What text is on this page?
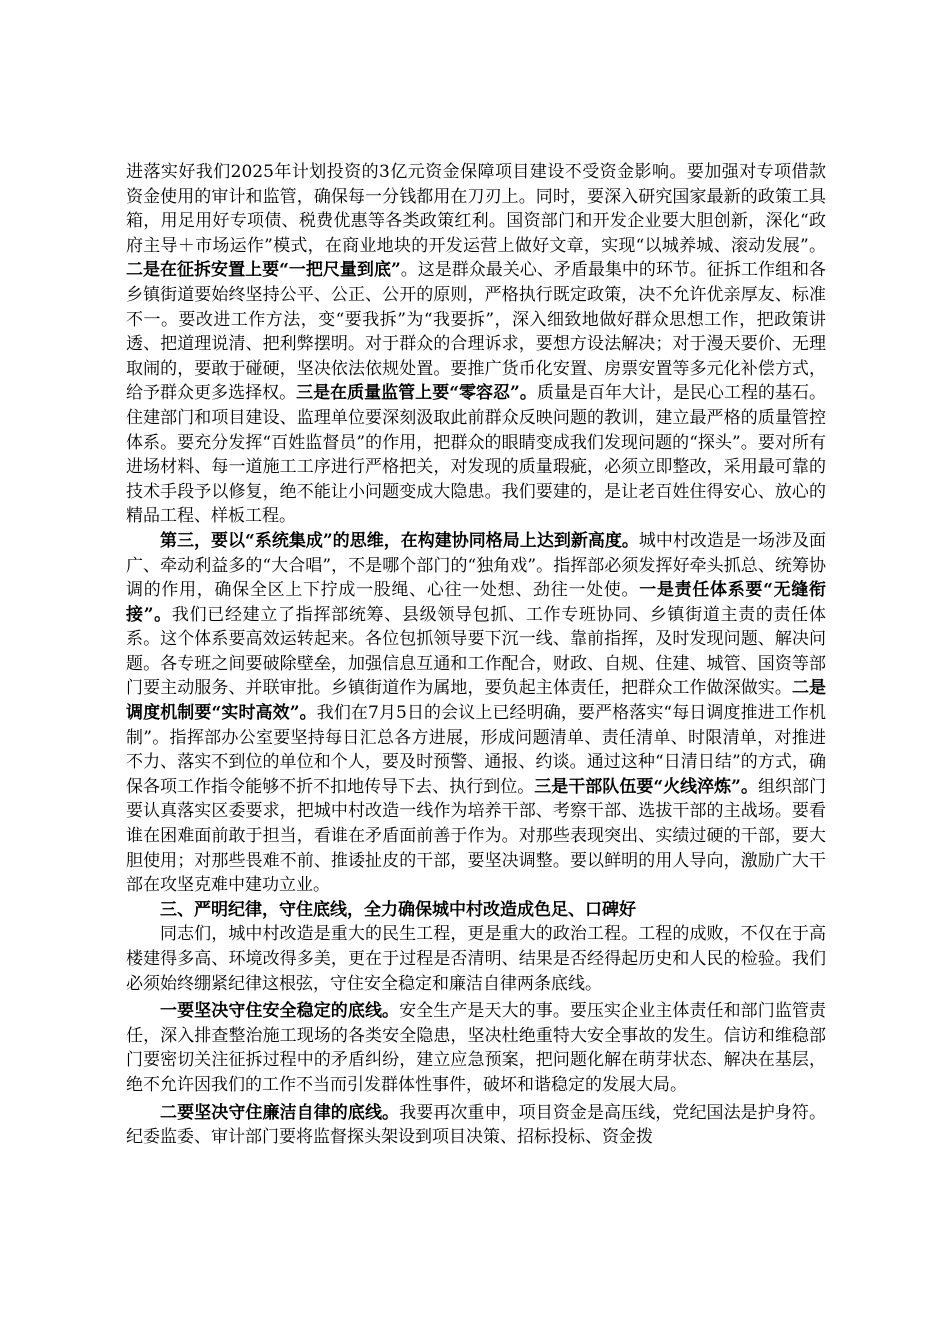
进落实好我们2025年计划投资的3亿元资金保障项目建设不受资金影响。要加强对专项借款资金使用的审计和监管，确保每一分钱都用在刀刃上。同时，要深入研究国家最新的政策工具箱，用足用好专项债、税费优惠等各类政策红利。国资部门和开发企业要大胆创新，深化“政府主导＋市场运作”模式，在商业地块的开发运营上做好文章，实现“以城养城、滚动发展”。二是在征拆安置上要“一把尺量到底”。这是群众最关心、矛盾最集中的环节。征拆工作组和各乡镇街道要始终坚持公平、公正、公开的原则，严格执行既定政策，决不允许优亲厚友、标准不一。要改进工作方法，变“要我拆”为“我要拆”，深入细致地做好群众思想工作，把政策讲透、把道理说清、把利弊摆明。对于群众的合理诉求，要想方设法解决；对于漫天要价、无理取闹的，要敢于碰硬，坚决依法依规处置。要推广货币化安置、房票安置等多元化补偿方式，给予群众更多选择权。三是在质量监管上要“零容忍”。质量是百年大计，是民心工程的基石。住建部门和项目建设、监理单位要深刻汲取此前群众反映问题的教训，建立最严格的质量管控体系。要充分发挥“百姓监督员”的作用，把群众的眼睛变成我们发现问题的“探头”。要对所有进场材料、每一道施工工序进行严格把关，对发现的质量瑕疵，必须立即整改，采用最可靠的技术手段予以修复，绝不能让小问题变成大隐患。我们要建的，是让老百姓住得安心、放心的精品工程、样板工程。

第三，要以“系统集成”的思维，在构建协同格局上达到新高度。城中村改造是一场涉及面广、牵动利益多的“大合唱”，不是哪个部门的“独角戏”。指挥部必须发挥好牵头抓总、统筹协调的作用，确保全区上下拧成一股绳、心往一处想、劲往一处使。一是责任体系要“无缝衔接”。我们已经建立了指挥部统筹、县级领导包抓、工作专班协同、乡镇街道主责的责任体系。这个体系要高效运转起来。各位包抓领导要下沉一线、靠前指挥，及时发现问题、解决问题。各专班之间要破除壁垒，加强信息互通和工作配合，财政、自规、住建、城管、国资等部门要主动服务、并联审批。乡镇街道作为属地，要负起主体责任，把群众工作做深做实。二是调度机制要“实时高效”。我们在7月5日的会议上已经明确，要严格落实“每日调度推进工作机制”。指挥部办公室要坚持每日汇总各方进展，形成问题清单、责任清单、时限清单，对推进不力、落实不到位的单位和个人，要及时预警、通报、约谈。通过这种“日清日结”的方式，确保各项工作指令能够不折不扣地传导下去、执行到位。三是干部队伍要“火线淬炼”。组织部门要认真落实区委要求，把城中村改造一线作为培养干部、考察干部、选拔干部的主战场。要看谁在困难面前敢于担当，看谁在矛盾面前善于作为。对那些表现突出、实绩过硬的干部，要大胆使用；对那些畏难不前、推诿扯皮的干部，要坚决调整。要以鲜明的用人导向，激励广大干部在攻坚克难中建功立业。

三、严明纪律，守住底线，全力确保城中村改造成色足、口碑好

同志们，城中村改造是重大的民生工程，更是重大的政治工程。工程的成败，不仅在于高楼建得多高、环境改得多美，更在于过程是否清明、结果是否经得起历史和人民的检验。我们必须始终绷紧纪律这根弦，守住安全稳定和廉洁自律两条底线。

一要坚决守住安全稳定的底线。安全生产是天大的事。要压实企业主体责任和部门监管责任，深入排查整治施工现场的各类安全隐患，坚决杜绝重特大安全事故的发生。信访和维稳部门要密切关注征拆过程中的矛盾纠纷，建立应急预案，把问题化解在萌芽状态、解决在基层，绝不允许因我们的工作不当而引发群体性事件，破坏和谐稳定的发展大局。

二要坚决守住廉洁自律的底线。我要再次重申，项目资金是高压线，党纪国法是护身符。纪委监委、审计部门要将监督探头架设到项目决策、招标投标、资金拨
